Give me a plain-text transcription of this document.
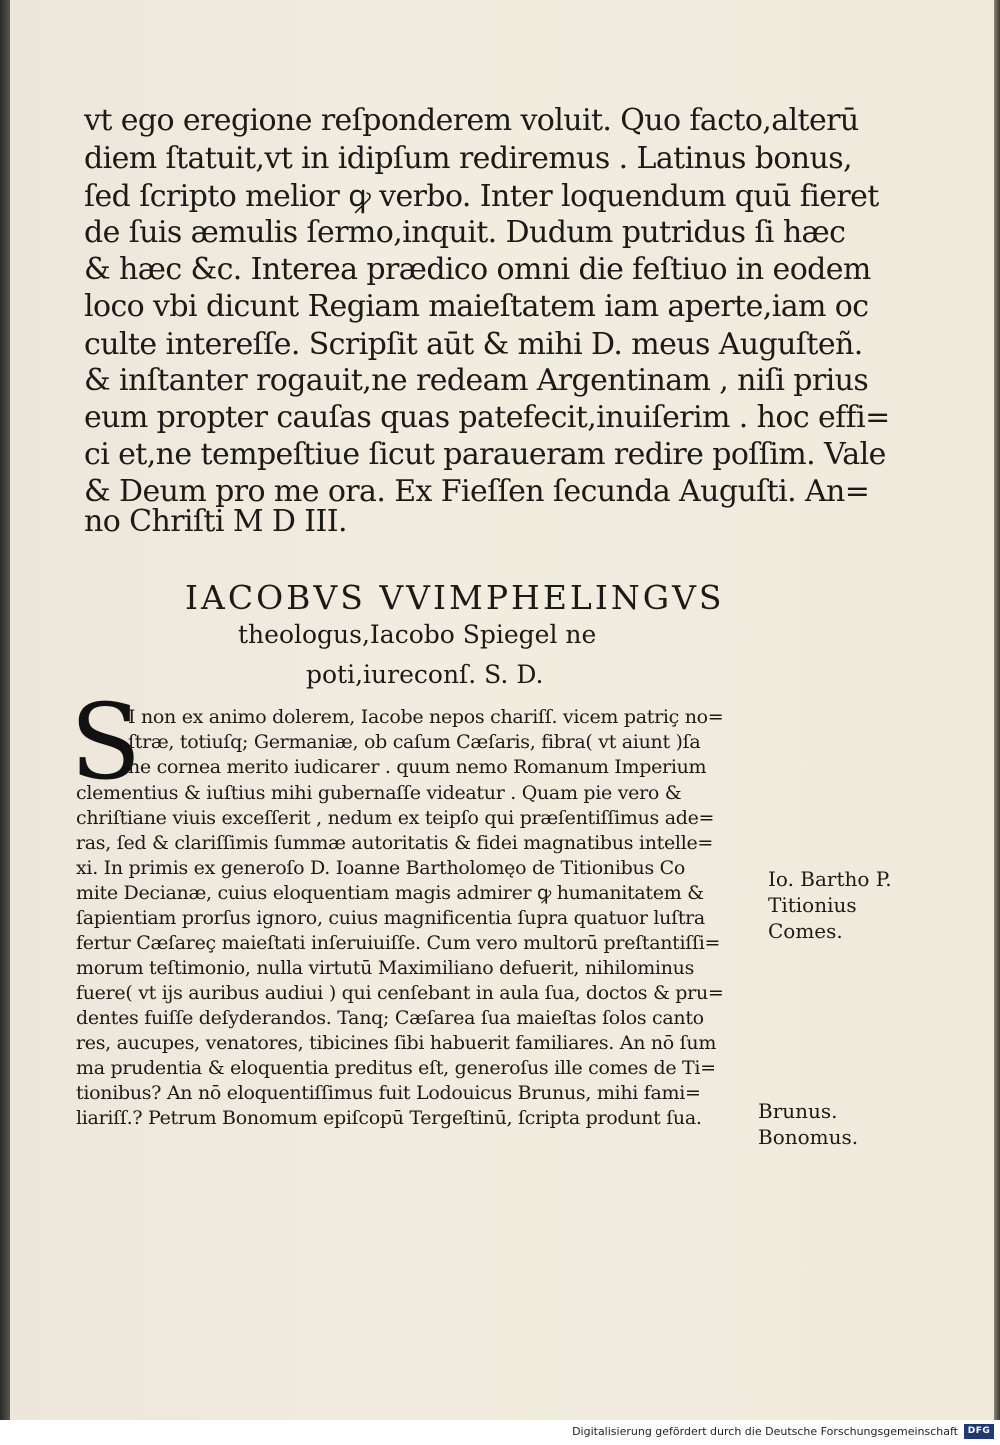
vt ego eregione reſponderem voluit. Quo facto,alterū
diem ſtatuit,vt in idipſum rediremus . Latinus bonus,
ſed ſcripto melior ꝙ verbo. Inter loquendum quū fieret
de ſuis æmulis ſermo,inquit. Dudum putridus ſi hæc
& hæc &c. Interea prædico omni die feſtiuo in eodem
loco vbi dicunt Regiam maieſtatem iam aperte,iam oc
culte intereſſe. Scripſit aūt & mihi D. meus Auguſteñ.
& inſtanter rogauit,ne redeam Argentinam , niſi prius
eum propter cauſas quas patefecit,inuiſerim . hoc effi=
ci et,ne tempeſtiue ſicut paraueram redire poſſim. Vale
& Deum pro me ora. Ex Fieſſen ſecunda Auguſti. An=
no Chriſti M D III.
IACOBVS VVIMPHELINGVS
theologus,Iacobo Spiegel ne
poti,iureconſ. S. D.
S
I non ex animo dolerem, Iacobe nepos chariſſ. vicem patriç no=
ſtræ, totiuſq; Germaniæ, ob caſum Cæſaris, fibra( vt aiunt )ſa
ne cornea merito iudicarer . quum nemo Romanum Imperium
clementius & iuſtius mihi gubernaſſe videatur . Quam pie vero &
chriſtiane viuis exceſſerit , nedum ex teipſo qui præſentiſſimus ade=
ras, ſed & clariſſimis ſummæ autoritatis & fidei magnatibus intelle=
xi. In primis ex generoſo D. Ioanne Bartholomęo de Titionibus Co
mite Decianæ, cuius eloquentiam magis admirer ꝙ humanitatem &
ſapientiam prorſus ignoro, cuius magnificentia ſupra quatuor luſtra
fertur Cæſareç maieſtati inſeruiuiſſe. Cum vero multorū preſtantiſſi=
morum teſtimonio, nulla virtutū Maximiliano defuerit, nihilominus
fuere( vt ijs auribus audiui ) qui cenſebant in aula ſua, doctos & pru=
dentes fuiſſe deſyderandos. Tanq; Cæſarea ſua maieſtas ſolos canto
res, aucupes, venatores, tibicines ſibi habuerit familiares. An nō ſum
ma prudentia & eloquentia preditus eſt, generoſus ille comes de Ti=
tionibus? An nō eloquentiſſimus fuit Lodouicus Brunus, mihi fami=
liariſſ.? Petrum Bonomum epiſcopū Tergeſtinū, ſcripta produnt ſua.
Io. Bartho P.
Titionius
Comes.
Brunus.
Bonomus.
Digitalisierung gefördert durch die Deutsche Forschungsgemeinschaft	DFG
